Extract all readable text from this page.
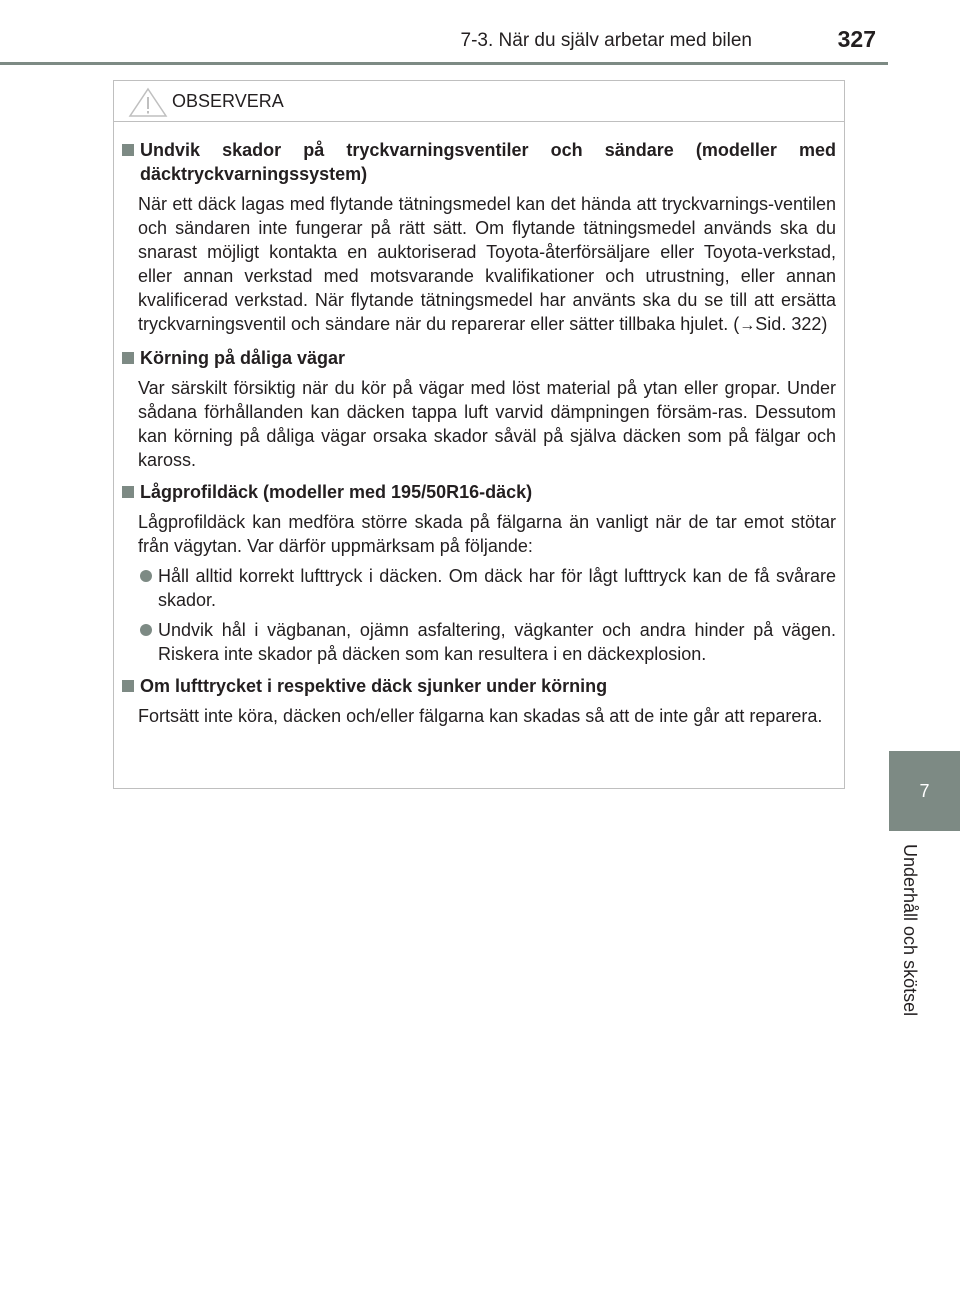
7-3. När du själv arbetar med bilen	327
7
Underhåll och skötsel
OBSERVERA
Undvik skador på tryckvarningsventiler och sändare (modeller med däcktryckvarningssystem)
När ett däck lagas med flytande tätningsmedel kan det hända att tryckvarnings-ventilen och sändaren inte fungerar på rätt sätt. Om flytande tätningsmedel används ska du snarast möjligt kontakta en auktoriserad Toyota-återförsäljare eller Toyota-verkstad, eller annan verkstad med motsvarande kvalifikationer och utrustning, eller annan kvalificerad verkstad. När flytande tätningsmedel har använts ska du se till att ersätta tryckvarningsventil och sändare när du reparerar eller sätter tillbaka hjulet. (→Sid. 322)
Körning på dåliga vägar
Var särskilt försiktig när du kör på vägar med löst material på ytan eller gropar. Under sådana förhållanden kan däcken tappa luft varvid dämpningen försäm-ras. Dessutom kan körning på dåliga vägar orsaka skador såväl på själva däcken som på fälgar och kaross.
Lågprofildäck (modeller med 195/50R16-däck)
Lågprofildäck kan medföra större skada på fälgarna än vanligt när de tar emot stötar från vägytan. Var därför uppmärksam på följande:
Håll alltid korrekt lufttryck i däcken. Om däck har för lågt lufttryck kan de få svårare skador.
Undvik hål i vägbanan, ojämn asfaltering, vägkanter och andra hinder på vägen. Riskera inte skador på däcken som kan resultera i en däckexplosion.
Om lufttrycket i respektive däck sjunker under körning
Fortsätt inte köra, däcken och/eller fälgarna kan skadas så att de inte går att reparera.
